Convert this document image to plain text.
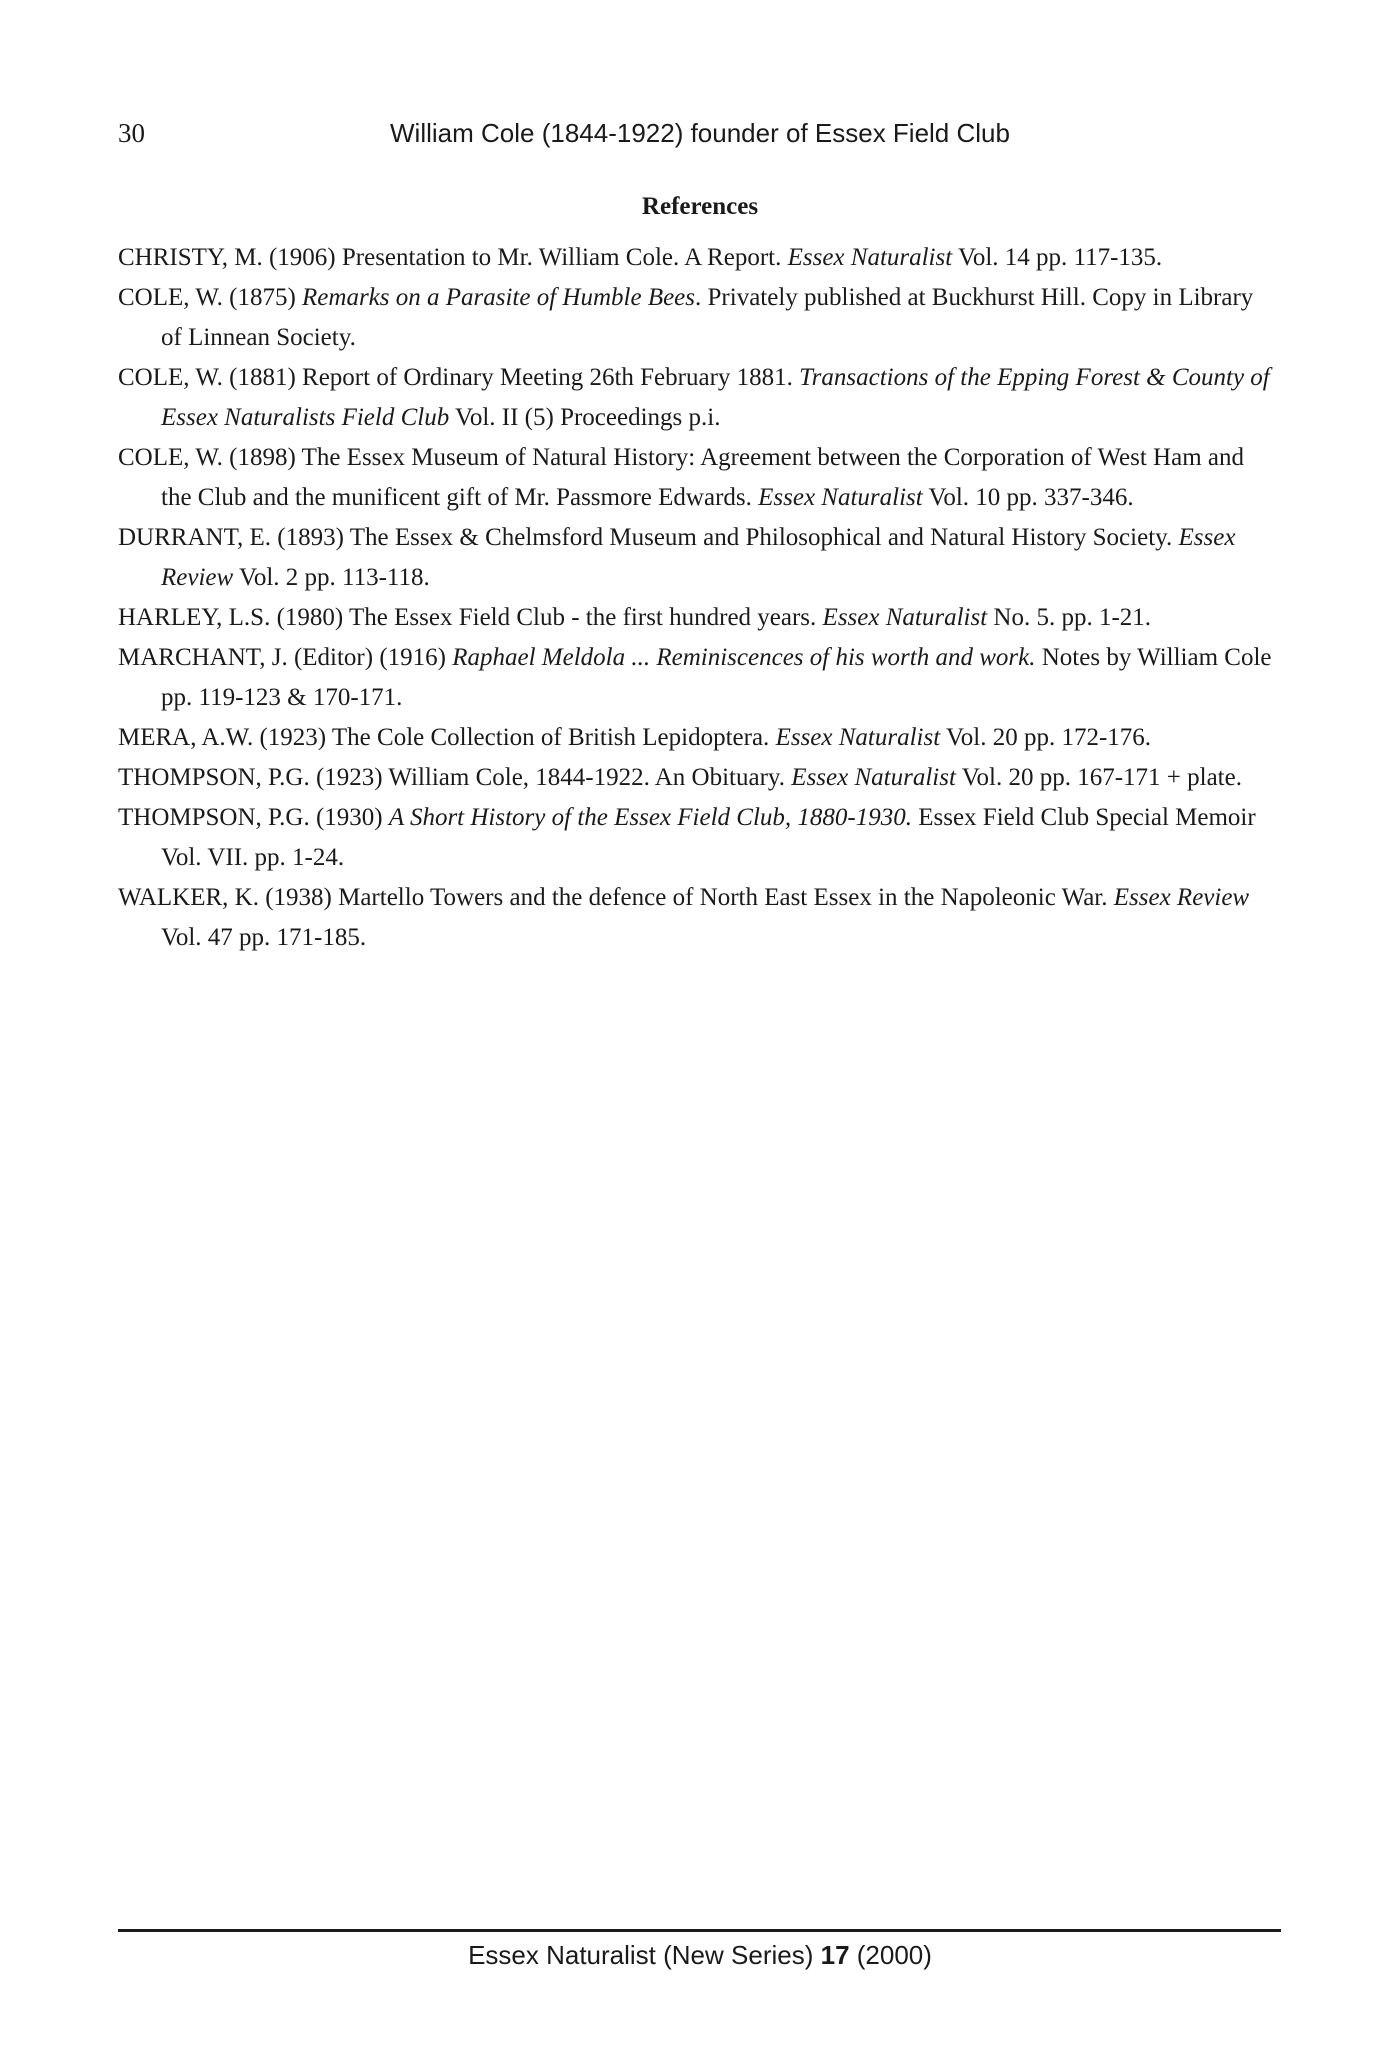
30	William Cole (1844-1922) founder of Essex Field Club
References

CHRISTY, M. (1906) Presentation to Mr. William Cole. A Report. Essex Naturalist Vol. 14 pp. 117-135.

COLE, W. (1875) Remarks on a Parasite of Humble Bees. Privately published at Buckhurst Hill. Copy in Library of Linnean Society.

COLE, W. (1881) Report of Ordinary Meeting 26th February 1881. Transactions of the Epping Forest & County of Essex Naturalists Field Club Vol. II (5) Proceedings p.i.

COLE, W. (1898) The Essex Museum of Natural History: Agreement between the Corporation of West Ham and the Club and the munificent gift of Mr. Passmore Edwards. Essex Naturalist Vol. 10 pp. 337-346.

DURRANT, E. (1893) The Essex & Chelmsford Museum and Philosophical and Natural History Society. Essex Review Vol. 2 pp. 113-118.

HARLEY, L.S. (1980) The Essex Field Club - the first hundred years. Essex Naturalist No. 5. pp. 1-21.

MARCHANT, J. (Editor) (1916) Raphael Meldola ... Reminiscences of his worth and work. Notes by William Cole pp. 119-123 & 170-171.

MERA, A.W. (1923) The Cole Collection of British Lepidoptera. Essex Naturalist Vol. 20 pp. 172-176.

THOMPSON, P.G. (1923) William Cole, 1844-1922. An Obituary. Essex Naturalist Vol. 20 pp. 167-171 + plate.

THOMPSON, P.G. (1930) A Short History of the Essex Field Club, 1880-1930. Essex Field Club Special Memoir Vol. VII. pp. 1-24.

WALKER, K. (1938) Martello Towers and the defence of North East Essex in the Napoleonic War. Essex Review Vol. 47 pp. 171-185.

Essex Naturalist (New Series) 17 (2000)
